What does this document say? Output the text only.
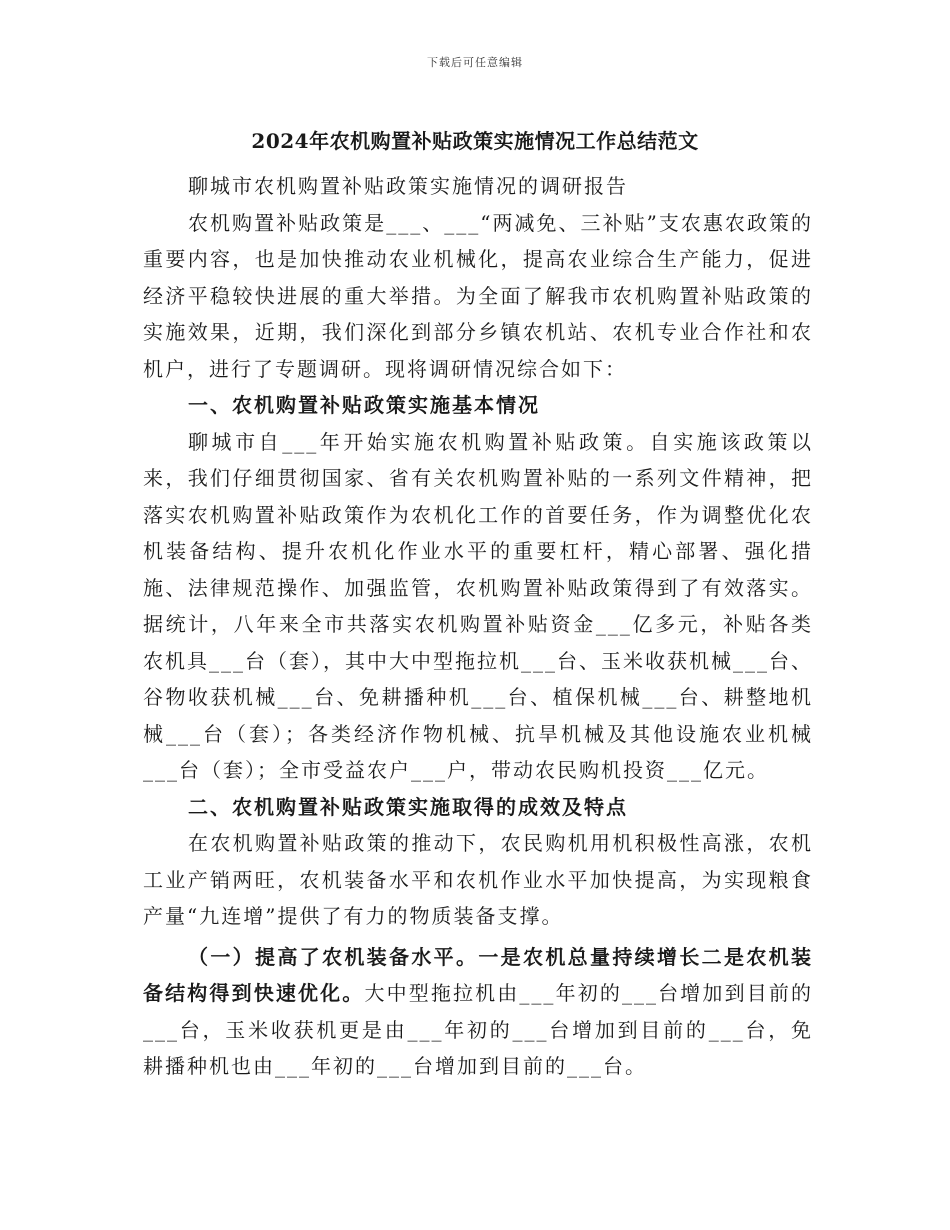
下载后可任意编辑
2024年农机购置补贴政策实施情况工作总结范文

聊城市农机购置补贴政策实施情况的调研报告

农机购置补贴政策是___、___“两减免、三补贴”支农惠农政策的重要内容，也是加快推动农业机械化，提高农业综合生产能力，促进经济平稳较快进展的重大举措。为全面了解我市农机购置补贴政策的实施效果，近期，我们深化到部分乡镇农机站、农机专业合作社和农机户，进行了专题调研。现将调研情况综合如下：

一、农机购置补贴政策实施基本情况

聊城市自___年开始实施农机购置补贴政策。自实施该政策以来，我们仔细贯彻国家、省有关农机购置补贴的一系列文件精神，把落实农机购置补贴政策作为农机化工作的首要任务，作为调整优化农机装备结构、提升农机化作业水平的重要杠杆，精心部署、强化措施、法律规范操作、加强监管，农机购置补贴政策得到了有效落实。据统计，八年来全市共落实农机购置补贴资金___亿多元，补贴各类农机具___台（套），其中大中型拖拉机___台、玉米收获机械___台、谷物收获机械___台、免耕播种机___台、植保机械___台、耕整地机械___台（套）；各类经济作物机械、抗旱机械及其他设施农业机械___台（套）；全市受益农户___户，带动农民购机投资___亿元。

二、农机购置补贴政策实施取得的成效及特点

在农机购置补贴政策的推动下，农民购机用机积极性高涨，农机工业产销两旺，农机装备水平和农机作业水平加快提高，为实现粮食产量“九连增”提供了有力的物质装备支撑。

（一）提高了农机装备水平。一是农机总量持续增长二是农机装备结构得到快速优化。大中型拖拉机由___年初的___台增加到目前的___台，玉米收获机更是由___年初的___台增加到目前的___台，免耕播种机也由___年初的___台增加到目前的___台。
